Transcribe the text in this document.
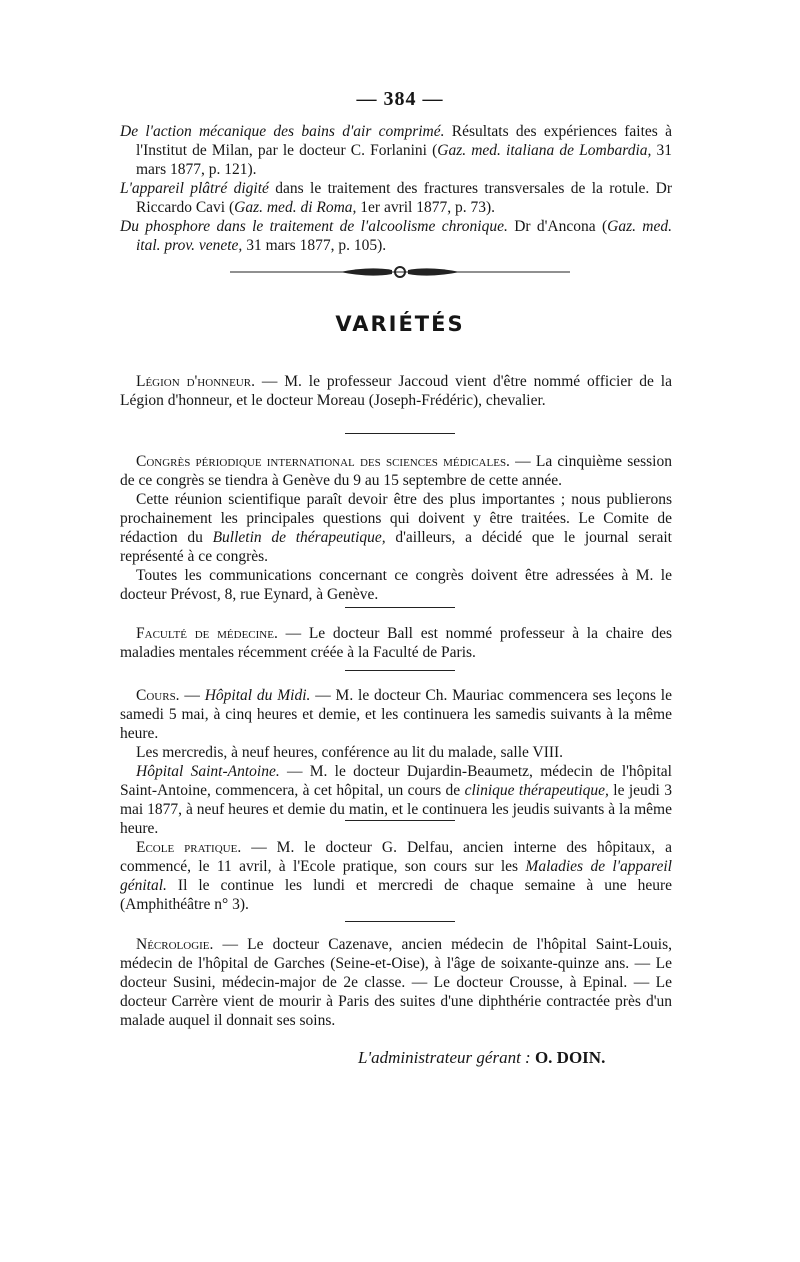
— 384 —

De l'action mécanique des bains d'air comprimé. Résultats des expériences faites à l'Institut de Milan, par le docteur C. Forlanini (Gaz. med. italiana de Lombardia, 31 mars 1877, p. 121).

L'appareil plâtré digité dans le traitement des fractures transversales de la rotule. Dr Riccardo Cavi (Gaz. med. di Roma, 1er avril 1877, p. 73).

Du phosphore dans le traitement de l'alcoolisme chronique. Dr d'Ancona (Gaz. med. ital. prov. venete, 31 mars 1877, p. 105).

VARIÉTÉS

Légion d'honneur. — M. le professeur Jaccoud vient d'être nommé officier de la Légion d'honneur, et le docteur Moreau (Joseph-Frédéric), chevalier.

Congrès périodique international des sciences médicales. — La cinquième session de ce congrès se tiendra à Genève du 9 au 15 septembre de cette année.

Cette réunion scientifique paraît devoir être des plus importantes ; nous publierons prochainement les principales questions qui doivent y être traitées. Le Comite de rédaction du Bulletin de thérapeutique, d'ailleurs, a décidé que le journal serait représenté à ce congrès.

Toutes les communications concernant ce congrès doivent être adressées à M. le docteur Prévost, 8, rue Eynard, à Genève.

Faculté de médecine. — Le docteur Ball est nommé professeur à la chaire des maladies mentales récemment créée à la Faculté de Paris.

Cours. — Hôpital du Midi. — M. le docteur Ch. Mauriac commencera ses leçons le samedi 5 mai, à cinq heures et demie, et les continuera les samedis suivants à la même heure.

Les mercredis, à neuf heures, conférence au lit du malade, salle VIII.

Hôpital Saint-Antoine. — M. le docteur Dujardin-Beaumetz, médecin de l'hôpital Saint-Antoine, commencera, à cet hôpital, un cours de clinique thérapeutique, le jeudi 3 mai 1877, à neuf heures et demie du matin, et le continuera les jeudis suivants à la même heure.

Ecole pratique. — M. le docteur G. Delfau, ancien interne des hôpitaux, a commencé, le 11 avril, à l'Ecole pratique, son cours sur les Maladies de l'appareil génital. Il le continue les lundi et mercredi de chaque semaine à une heure (Amphithéâtre n° 3).

Nécrologie. — Le docteur Cazenave, ancien médecin de l'hôpital Saint-Louis, médecin de l'hôpital de Garches (Seine-et-Oise), à l'âge de soixante-quinze ans. — Le docteur Susini, médecin-major de 2e classe. — Le docteur Crousse, à Epinal. — Le docteur Carrère vient de mourir à Paris des suites d'une diphthérie contractée près d'un malade auquel il donnait ses soins.

L'administrateur gérant : O. DOIN.
